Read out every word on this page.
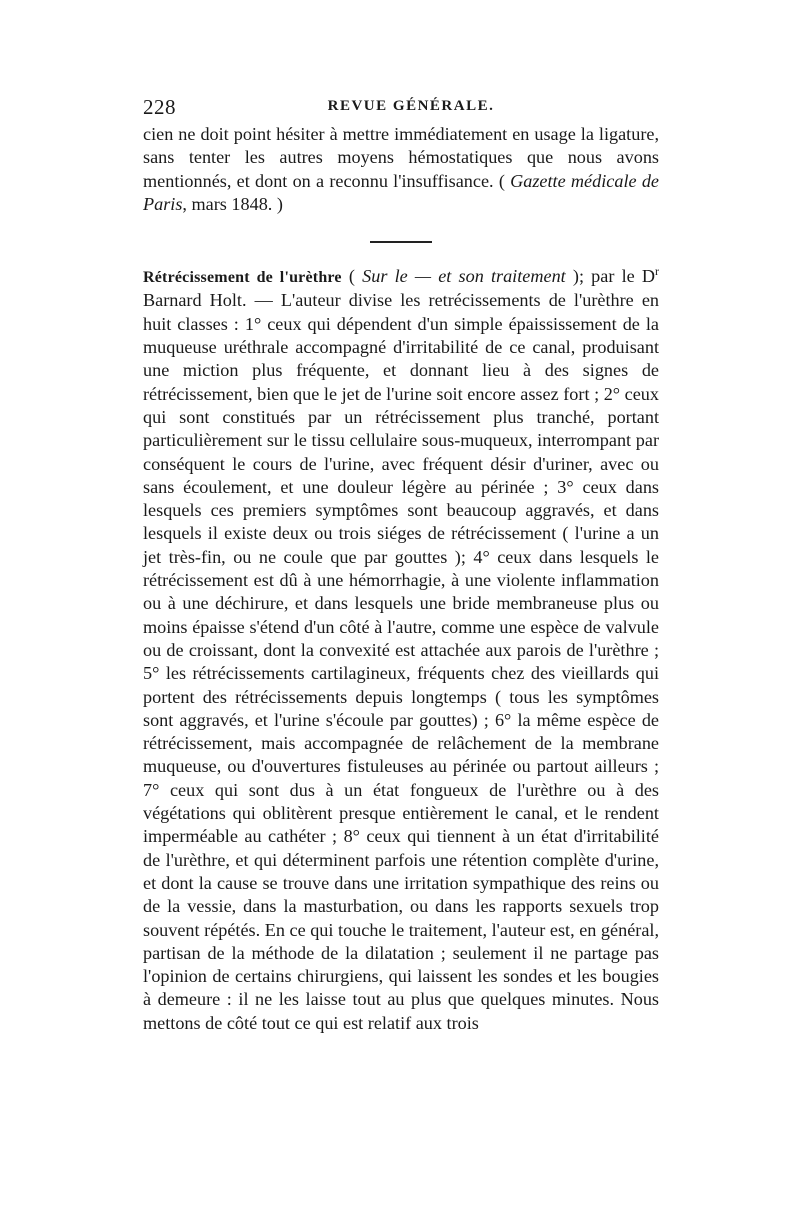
228	REVUE GÉNÉRALE.

cien ne doit point hésiter à mettre immédiatement en usage la ligature, sans tenter les autres moyens hémostatiques que nous avons mentionnés, et dont on a reconnu l'insuffisance. ( Gazette médicale de Paris, mars 1848. )

Rétrécissement de l'urèthre ( Sur le — et son traitement ); par le $D^r$ Barnard Holt. — L'auteur divise les retrécissements de l'urèthre en huit classes : 1° ceux qui dépendent d'un simple épaississement de la muqueuse uréthrale accompagné d'irritabilité de ce canal, produisant une miction plus fréquente, et donnant lieu à des signes de rétrécissement, bien que le jet de l'urine soit encore assez fort ; 2° ceux qui sont constitués par un rétrécissement plus tranché, portant particulièrement sur le tissu cellulaire sous-muqueux, interrompant par conséquent le cours de l'urine, avec fréquent désir d'uriner, avec ou sans écoulement, et une douleur légère au périnée ; 3° ceux dans lesquels ces premiers symptômes sont beaucoup aggravés, et dans lesquels il existe deux ou trois siéges de rétrécissement ( l'urine a un jet très-fin, ou ne coule que par gouttes ); 4° ceux dans lesquels le rétrécissement est dû à une hémorrhagie, à une violente inflammation ou à une déchirure, et dans lesquels une bride membraneuse plus ou moins épaisse s'étend d'un côté à l'autre, comme une espèce de valvule ou de croissant, dont la convexité est attachée aux parois de l'urèthre ; 5° les rétrécissements cartilagineux, fréquents chez des vieillards qui portent des rétrécissements depuis longtemps ( tous les symptômes sont aggravés, et l'urine s'écoule par gouttes) ; 6° la même espèce de rétrécissement, mais accompagnée de relâchement de la membrane muqueuse, ou d'ouvertures fistuleuses au périnée ou partout ailleurs ; 7° ceux qui sont dus à un état fongueux de l'urèthre ou à des végétations qui oblitèrent presque entièrement le canal, et le rendent imperméable au cathéter ; 8° ceux qui tiennent à un état d'irritabilité de l'urèthre, et qui déterminent parfois une rétention complète d'urine, et dont la cause se trouve dans une irritation sympathique des reins ou de la vessie, dans la masturbation, ou dans les rapports sexuels trop souvent répétés. En ce qui touche le traitement, l'auteur est, en général, partisan de la méthode de la dilatation ; seulement il ne partage pas l'opinion de certains chirurgiens, qui laissent les sondes et les bougies à demeure : il ne les laisse tout au plus que quelques minutes. Nous mettons de côté tout ce qui est relatif aux trois
